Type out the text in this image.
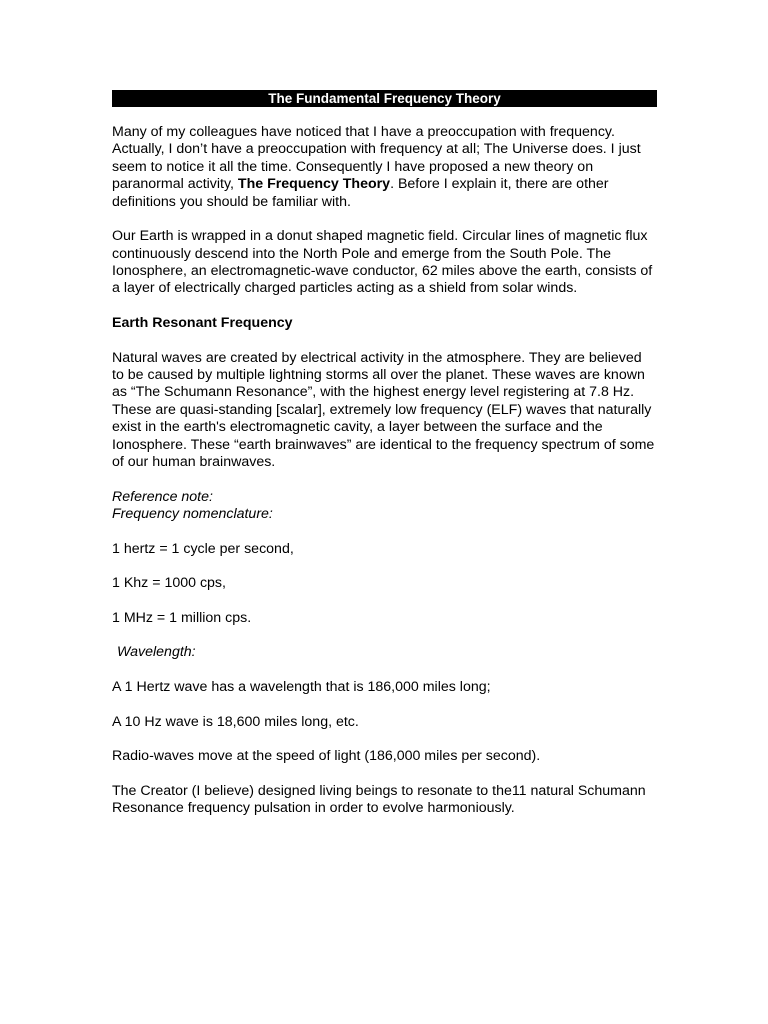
The Fundamental Frequency Theory

Many of my colleagues have noticed that I have a preoccupation with frequency. Actually, I don’t have a preoccupation with frequency at all; The Universe does. I just seem to notice it all the time. Consequently I have proposed a new theory on paranormal activity, The Frequency Theory. Before I explain it, there are other definitions you should be familiar with.

Our Earth is wrapped in a donut shaped magnetic field. Circular lines of magnetic flux continuously descend into the North Pole and emerge from the South Pole. The Ionosphere, an electromagnetic-wave conductor, 62 miles above the earth, consists of a layer of electrically charged particles acting as a shield from solar winds.

Earth Resonant Frequency

Natural waves are created by electrical activity in the atmosphere. They are believed to be caused by multiple lightning storms all over the planet. These waves are known as “The Schumann Resonance”, with the highest energy level registering at 7.8 Hz. These are quasi-standing [scalar], extremely low frequency (ELF) waves that naturally exist in the earth's electromagnetic cavity, a layer between the surface and the Ionosphere. These “earth brainwaves” are identical to the frequency spectrum of some of our human brainwaves.

Reference note:
Frequency nomenclature:

1 hertz = 1 cycle per second,

1 Khz = 1000 cps,

1 MHz = 1 million cps.

Wavelength:

A 1 Hertz wave has a wavelength that is 186,000 miles long;

A 10 Hz wave is 18,600 miles long, etc.

Radio-waves move at the speed of light (186,000 miles per second).

The Creator (I believe) designed living beings to resonate to the11 natural Schumann Resonance frequency pulsation in order to evolve harmoniously.
